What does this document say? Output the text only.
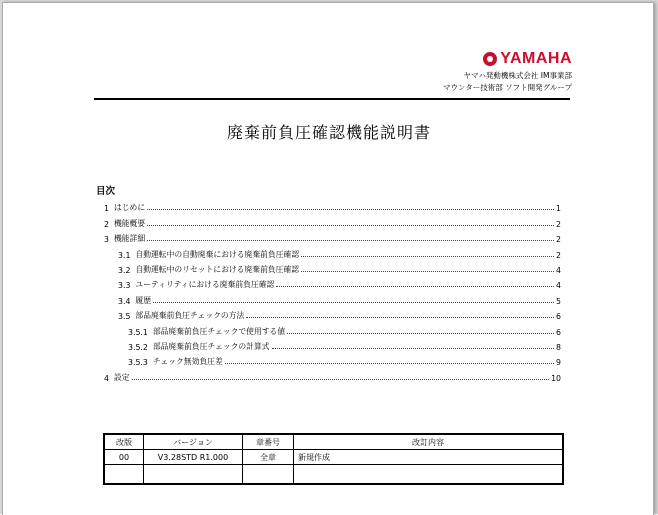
YAMAHA
ヤマハ発動機株式会社 IM事業部
マウンター技術部 ソフト開発グループ
廃棄前負圧確認機能説明書
目次
1 はじめに	1
2 機能概要	2
3 機能詳細	2
3.1 自動運転中の自動廃棄における廃棄前負圧確認	2
3.2 自動運転中のリセットにおける廃棄前負圧確認	4
3.3 ユーティリティにおける廃棄前負圧確認	4
3.4 履歴	5
3.5 部品廃棄前負圧チェックの方法	6
3.5.1 部品廃棄前負圧チェックで使用する値	6
3.5.2 部品廃棄前負圧チェックの計算式	8
3.5.3 チェック無効負圧差	9
4 設定	10
改版	バージョン	章番号	改訂内容
00	V3.28STD R1.000	全章	新規作成
